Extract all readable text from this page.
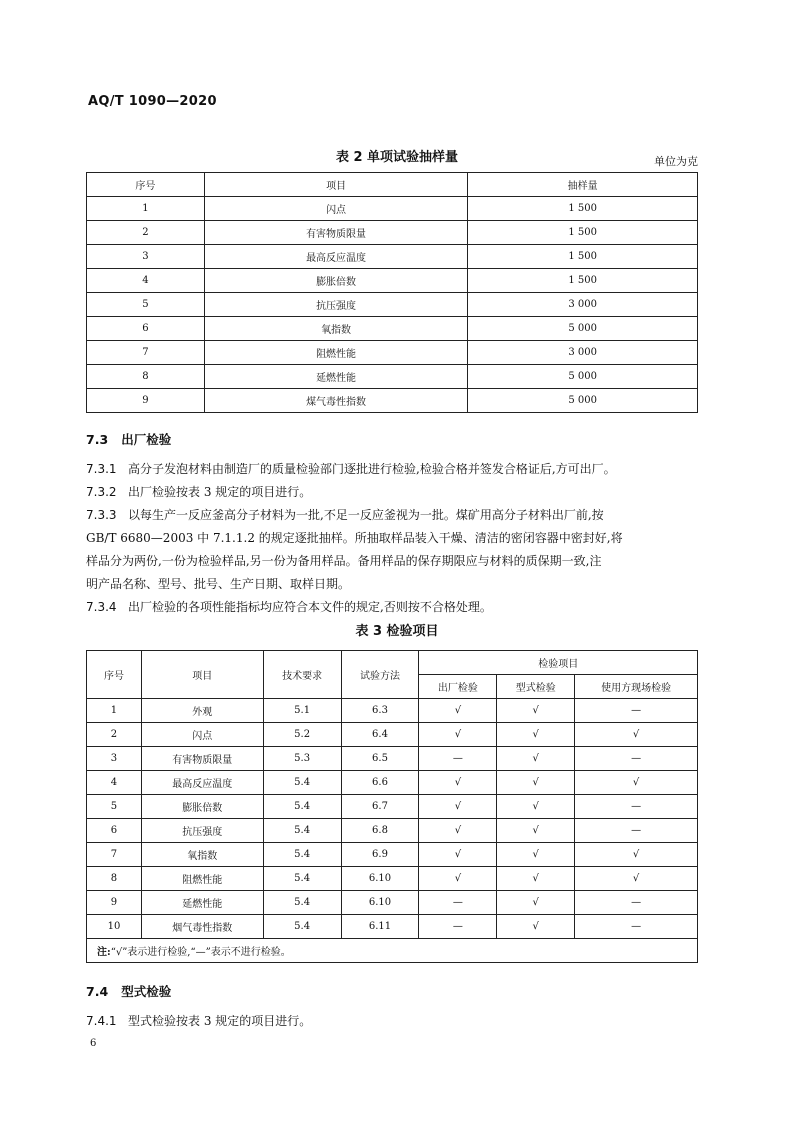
AQ/T 1090—2020
表 2 单项试验抽样量	单位为克
序号	项目	抽样量
1	闪点	1 500
2	有害物质限量	1 500
3	最高反应温度	1 500
4	膨胀倍数	1 500
5	抗压强度	3 000
6	氧指数	5 000
7	阻燃性能	3 000
8	延燃性能	5 000
9	煤气毒性指数	5 000
7.3 出厂检验
7.3.1 高分子发泡材料由制造厂的质量检验部门逐批进行检验,检验合格并签发合格证后,方可出厂。
7.3.2 出厂检验按表 3 规定的项目进行。
7.3.3 以每生产一反应釜高分子材料为一批,不足一反应釜视为一批。煤矿用高分子材料出厂前,按
GB/T 6680—2003 中 7.1.1.2 的规定逐批抽样。所抽取样品装入干燥、清洁的密闭容器中密封好,将
样品分为两份,一份为检验样品,另一份为备用样品。备用样品的保存期限应与材料的质保期一致,注
明产品名称、型号、批号、生产日期、取样日期。
7.3.4 出厂检验的各项性能指标均应符合本文件的规定,否则按不合格处理。
表 3 检验项目
序号	项目	技术要求	试验方法	检验项目		
				出厂检验	型式检验	使用方现场检验
1	外观	5.1	6.3	√	√	—
2	闪点	5.2	6.4	√	√	√
3	有害物质限量	5.3	6.5	—	√	—
4	最高反应温度	5.4	6.6	√	√	√
5	膨胀倍数	5.4	6.7	√	√	—
6	抗压强度	5.4	6.8	√	√	—
7	氧指数	5.4	6.9	√	√	√
8	阻燃性能	5.4	6.10	√	√	√
9	延燃性能	5.4	6.10	—	√	—
10	烟气毒性指数	5.4	6.11	—	√	—
注:“√”表示进行检验,“—”表示不进行检验。						
7.4 型式检验
7.4.1 型式检验按表 3 规定的项目进行。
6
